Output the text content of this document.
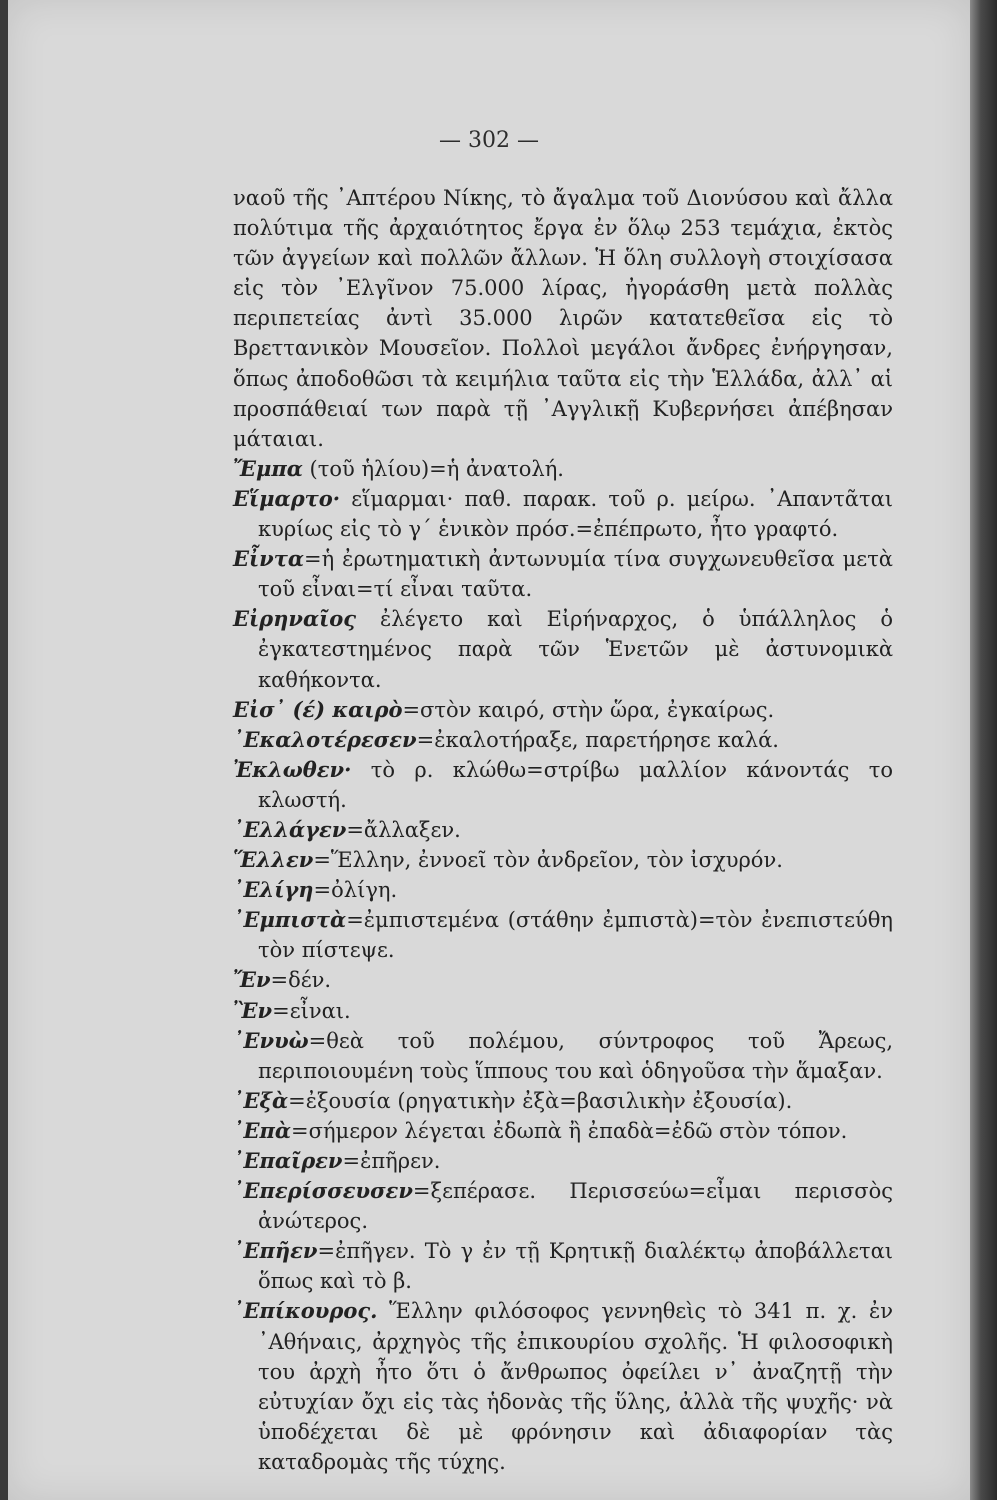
— 302 —

ναοῦ τῆς ᾿Απτέρου Νίκης, τὸ ἄγαλμα τοῦ Διονύσου καὶ ἄλλα πολύτιμα τῆς ἀρχαιότητος ἔργα ἐν ὅλῳ 253 τεμάχια, ἐκτὸς τῶν ἀγγείων καὶ πολλῶν ἄλλων. Ἡ ὅλη συλλογὴ στοιχίσασα εἰς τὸν ᾿Ελγῖνον 75.000 λίρας, ἠγοράσθη μετὰ πολλὰς περιπετείας ἀντὶ 35.000 λιρῶν κατατεθεῖσα εἰς τὸ Βρεττανικὸν Μουσεῖον. Πολλοὶ μεγάλοι ἄνδρες ἐνήργησαν, ὅπως ἀποδοθῶσι τὰ κειμήλια ταῦτα εἰς τὴν Ἑλλάδα, ἀλλ᾿ αἱ προσπάθειαί των παρὰ τῇ ᾿Αγγλικῇ Κυβερνήσει ἀπέβησαν μάταιαι.

Ἔμπα (τοῦ ἡλίου)=ἡ ἀνατολή.

Εἵμαρτο· εἵμαρμαι· παθ. παρακ. τοῦ ρ. μείρω. ᾿Απαντᾶται κυρίως εἰς τὸ γ΄ ἑνικὸν πρόσ.=ἐπέπρωτο, ἦτο γραφτό.

Εἶντα=ἡ ἐρωτηματικὴ ἀντωνυμία τίνα συγχωνευθεῖσα μετὰ τοῦ εἶναι=τί εἶναι ταῦτα.

Εἰρηναῖος ἐλέγετο καὶ Εἰρήναρχος, ὁ ὑπάλληλος ὁ ἐγκατεστημένος παρὰ τῶν Ἑνετῶν μὲ ἀστυνομικὰ καθήκοντα.

Εἰσ᾿ (έ) καιρὸ=στὸν καιρό, στὴν ὥρα, ἐγκαίρως.

᾿Εκαλοτέρεσεν=ἐκαλοτήραξε, παρετήρησε καλά.

Ἐκλωθεν· τὸ ρ. κλώθω=στρίβω μαλλίον κάνοντάς το κλωστή.

᾿Ελλάγεν=ἄλλαξεν.

Ἕλλεν=Ἕλλην, ἐννοεῖ τὸν ἀνδρεῖον, τὸν ἰσχυρόν.

᾿Ελίγη=ὀλίγη.

᾿Εμπιστὰ=ἐμπιστεμένα (στάθην ἐμπιστὰ)=τὸν ἐνεπιστεύθη τὸν πίστεψε.

Ἔν=δέν.

Ἒν=εἶναι.

᾿Ενυὼ=θεὰ τοῦ πολέμου, σύντροφος τοῦ Ἄρεως, περιποιουμένη τοὺς ἵππους του καὶ ὁδηγοῦσα τὴν ἅμαξαν.

᾿Εξὰ=ἐξουσία (ρηγατικὴν ἐξὰ=βασιλικὴν ἐξουσία).

᾿Επὰ=σήμερον λέγεται ἐδωπὰ ἢ ἐπαδὰ=ἐδῶ στὸν τόπον.

᾿Επαῖρεν=ἐπῆρεν.

᾿Επερίσσευσεν=ξεπέρασε. Περισσεύω=εἶμαι περισσὸς ἀνώτερος.

᾿Επῆεν=ἐπῆγεν. Τὸ γ ἐν τῇ Κρητικῇ διαλέκτῳ ἀποβάλλεται ὅπως καὶ τὸ β.

᾿Επίκουρος. Ἕλλην φιλόσοφος γεννηθεὶς τὸ 341 π. χ. ἐν ᾿Αθήναις, ἀρχηγὸς τῆς ἐπικουρίου σχολῆς. Ἡ φιλοσοφικὴ του ἀρχὴ ἦτο ὅτι ὁ ἄνθρωπος ὀφείλει ν᾿ ἀναζητῇ τὴν εὐτυχίαν ὄχι εἰς τὰς ἡδονὰς τῆς ὕλης, ἀλλὰ τῆς ψυχῆς· νὰ ὑποδέχεται δὲ μὲ φρόνησιν καὶ ἀδιαφορίαν τὰς καταδρομὰς τῆς τύχης.
